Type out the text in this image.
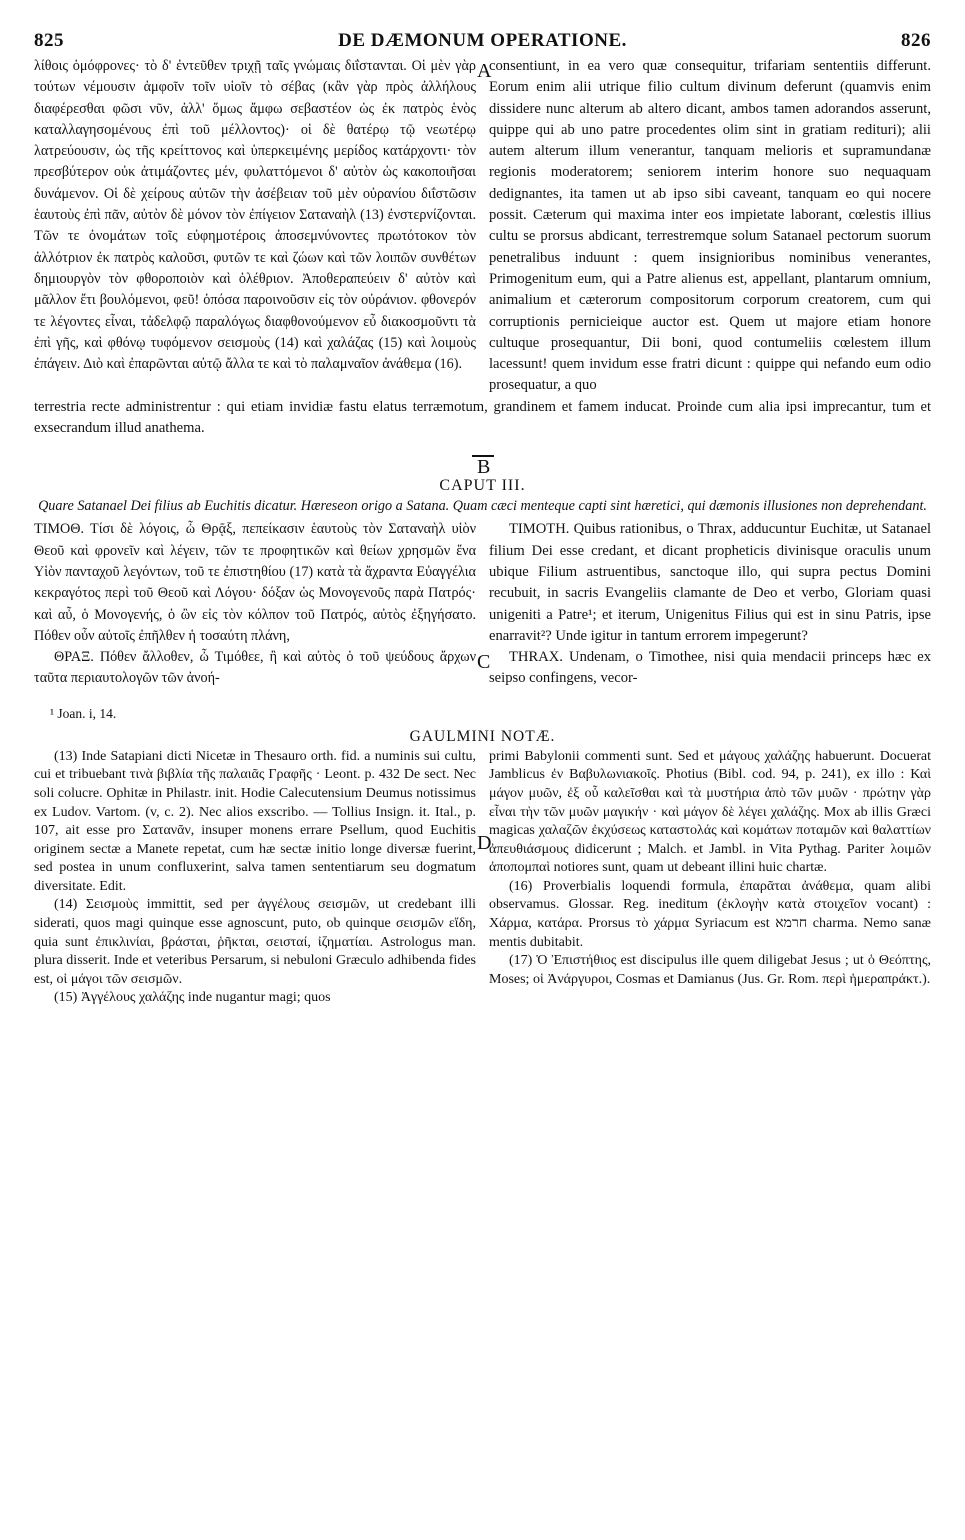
825	DE DÆMONUM OPERATIONE.	826
A
B
λίθοις ὁμόφρονες· τὸ δ' ἐντεῦθεν τριχῇ ταῖς γνώμαις διΐστανται. Οἱ μὲν γὰρ τούτων νέμουσιν ἀμφοῖν τοῖν υἱοῖν τὸ σέβας (κἂν γὰρ πρὸς ἀλλήλους διαφέρεσθαι φῶσι νῦν, ἀλλ' ὅμως ἄμφω σεβαστέον ὡς ἐκ πατρὸς ἑνὸς καταλλαγησομένους ἐπὶ τοῦ μέλλοντος)· οἱ δὲ θατέρῳ τῷ νεωτέρῳ λατρεύουσιν, ὡς τῆς κρείττονος καὶ ὑπερκειμένης μερίδος κατάρχοντι· τὸν πρεσβύτερον οὐκ ἀτιμάζοντες μέν, φυλαττόμενοι δ' αὐτὸν ὡς κακοποιῆσαι δυνάμενον. Οἱ δὲ χείρους αὐτῶν τὴν ἀσέβειαν τοῦ μὲν οὐρανίου διΐστῶσιν ἑαυτοὺς ἐπὶ πᾶν, αὐτὸν δὲ μόνον τὸν ἐπίγειον Σαταναὴλ (13) ἐνστερνίζονται. Τῶν τε ὀνομάτων τοῖς εὐφημοτέροις ἀποσεμνύνοντες πρωτότοκον τὸν ἀλλότριον ἐκ πατρὸς καλοῦσι, φυτῶν τε καὶ ζώων καὶ τῶν λοιπῶν συνθέτων δημιουργὸν τὸν φθοροποιὸν καὶ ὀλέθριον. Ἀποθεραπεύειν δ' αὐτὸν καὶ μᾶλλον ἔτι βουλόμενοι, φεῦ! ὁπόσα παροινοῦσιν εἰς τὸν οὐράνιον. φθονερόν τε λέγοντες εἶναι, τἀδελφῷ παραλόγως διαφθονούμενον εὖ διακοσμοῦντι τὰ ἐπὶ γῆς, καὶ φθόνῳ τυφόμενον σεισμοὺς (14) καὶ χαλάζας (15) καὶ λοιμοὺς ἐπάγειν. Διὸ καὶ ἐπαρῶνται αὐτῷ ἄλλα τε καὶ τὸ παλαμναῖον ἀνάθεμα (16).
consentiunt, in ea vero quæ consequitur, trifariam sententiis differunt. Eorum enim alii utrique filio cultum divinum deferunt (quamvis enim dissidere nunc alterum ab altero dicant, ambos tamen adorandos asserunt, quippe qui ab uno patre procedentes olim sint in gratiam redituri); alii autem alterum illum venerantur, tanquam melioris et supramundanæ regionis moderatorem; seniorem interim honore suo nequaquam dedignantes, ita tamen ut ab ipso sibi caveant, tanquam eo qui nocere possit. Cæterum qui maxima inter eos impietate laborant, cœlestis illius cultu se prorsus abdicant, terrestremque solum Satanael pectorum suorum penetralibus induunt : quem insignioribus nominibus venerantes, Primogenitum eum, qui a Patre alienus est, appellant, plantarum omnium, animalium et cæterorum compositorum corporum creatorem, cum qui corruptionis pernicieique auctor est. Quem ut majore etiam honore cultuque prosequantur, Dii boni, quod contumeliis cœlestem illum lacessunt! quem invidum esse fratri dicunt : quippe qui nefando eum odio prosequatur, a quo
terrestria recte administrentur : qui etiam invidiæ fastu elatus terræmotum, grandinem et famem inducat. Proinde cum alia ipsi imprecantur, tum et exsecrandum illud anathema.
CAPUT III.
Quare Satanael Dei filius ab Euchitis dicatur. Hæreseon origo a Satana. Quam cæci menteque capti sint hæretici, qui dæmonis illusiones non deprehendant.
C

ΤΙΜΟΘ. Τίσι δὲ λόγοις, ὦ Θρᾷξ, πεπείκασιν ἑαυτοὺς τὸν Σαταναὴλ υἱὸν Θεοῦ καὶ φρονεῖν καὶ λέγειν, τῶν τε προφητικῶν καὶ θείων χρησμῶν ἕνα Υἱὸν πανταχοῦ λεγόντων, τοῦ τε ἐπιστηθίου (17) κατὰ τὰ ἄχραντα Εὐαγγέλια κεκραγότος περὶ τοῦ Θεοῦ καὶ Λόγου· δόξαν ὡς Μονογενοῦς παρὰ Πατρός· καὶ αὖ, ὁ Μονογενής, ὁ ὢν εἰς τὸν κόλπον τοῦ Πατρός, αὐτὸς ἐξηγήσατο. Πόθεν οὖν αὐτοῖς ἐπῆλθεν ἡ τοσαύτη πλάνη,

ΘΡΑΞ. Πόθεν ἄλλοθεν, ὦ Τιμόθεε, ἢ καὶ αὐτὸς ὁ τοῦ ψεύδους ἄρχων ταῦτα περιαυτολογῶν τῶν ἀνοή-

TIMOTH. Quibus rationibus, o Thrax, adducuntur Euchitæ, ut Satanael filium Dei esse credant, et dicant propheticis divinisque oraculis unum ubique Filium astruentibus, sanctoque illo, qui supra pectus Domini recubuit, in sacris Evangeliis clamante de Deo et verbo, Gloriam quasi unigeniti a Patre¹; et iterum, Unigenitus Filius qui est in sinu Patris, ipse enarravit²? Unde igitur in tantum errorem impegerunt?

THRAX. Undenam, o Timothee, nisi quia mendacii princeps hæc ex seipso confingens, vecor-

¹ Joan. i, 14.
GAULMINI NOTÆ.
D

(13) Inde Satapiani dicti Nicetæ in Thesauro orth. fid. a numinis sui cultu, cui et tribuebant τινὰ βιβλία τῆς παλαιᾶς Γραφῆς · Leont. p. 432 De sect. Nec soli colucre. Ophitæ in Philastr. init. Hodie Calecutensium Deumus notissimus ex Ludov. Vartom. (v, c. 2). Nec alios exscribo. — Tollius Insign. it. Ital., p. 107, ait esse pro Σατανᾶν, insuper monens errare Psellum, quod Euchitis originem sectæ a Manete repetat, cum hæ sectæ initio longe diversæ fuerint, sed postea in unum confluxerint, salva tamen sententiarum seu dogmatum diversitate. Edit.

(14) Σεισμοὺς immittit, sed per ἀγγέλους σεισμῶν, ut credebant illi siderati, quos magi quinque esse agnoscunt, puto, ob quinque σεισμῶν εἴδη, quia sunt ἐπικλινίαι, βράσται, ῥῆκται, σεισταί, ἰζηματίαι. Astrologus man. plura disserit. Inde et veteribus Persarum, si nebuloni Græculo adhibenda fides est, οἱ μάγοι τῶν σεισμῶν.

(15) Ἀγγέλους χαλάζης inde nugantur magi; quos

primi Babylonii commenti sunt. Sed et μάγους χαλάζης habuerunt. Docuerat Jamblicus ἐν Βαβυλωνιακοῖς. Photius (Bibl. cod. 94, p. 241), ex illo : Καὶ μάγον μυῶν, ἐξ οὗ καλεῖσθαι καὶ τὰ μυστήρια ἀπὸ τῶν μυῶν · πρώτην γὰρ εἶναι τὴν τῶν μυῶν μαγικήν · καὶ μάγον δὲ λέγει χαλάζης. Mox ab illis Græci magicas χαλαζῶν ἐκχύσεως καταστολάς καὶ κομάτων ποταμῶν καὶ θαλαττίων ἀπευθιάσμους didicerunt ; Malch. et Jambl. in Vita Pythag. Pariter λοιμῶν ἀποπομπαὶ notiores sunt, quam ut debeant illini huic chartæ.

(16) Proverbialis loquendi formula, ἐπαρᾶται ἀνάθεμα, quam alibi observamus. Glossar. Reg. ineditum (ἐκλογὴν κατὰ στοιχεῖον vocant) : Χάρμα, κατάρα. Prorsus τὸ χάρμα Syriacum est חרמא charma. Nemo sanæ mentis dubitabit.

(17) Ὁ Ἐπιστήθιος est discipulus ille quem diligebat Jesus ; ut ὁ Θεόπτης, Moses; οἱ Ἀνάργυροι, Cosmas et Damianus (Jus. Gr. Rom. περὶ ἡμεραπράκτ.).
